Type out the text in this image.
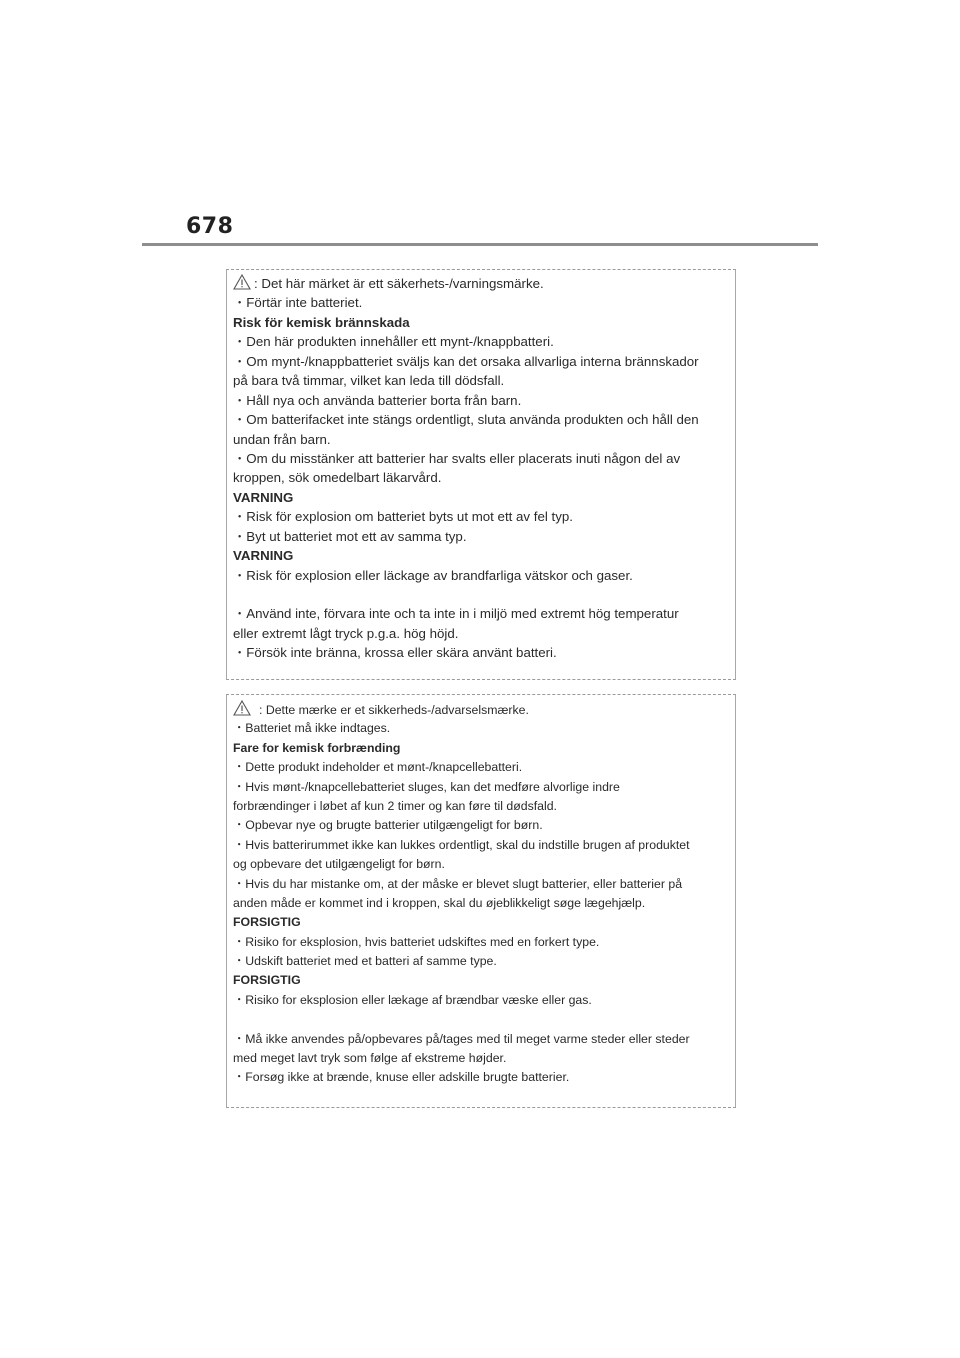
678
: Det här märket är ett säkerhets-/varningsmärke.
・Förtär inte batteriet.
Risk för kemisk brännskada
・Den här produkten innehåller ett mynt-/knappbatteri.
・Om mynt-/knappbatteriet sväljs kan det orsaka allvarliga interna brännskador
på bara två timmar, vilket kan leda till dödsfall.
・Håll nya och använda batterier borta från barn.
・Om batterifacket inte stängs ordentligt, sluta använda produkten och håll den
undan från barn.
・Om du misstänker att batterier har svalts eller placerats inuti någon del av
kroppen, sök omedelbart läkarvård.
VARNING
・Risk för explosion om batteriet byts ut mot ett av fel typ.
・Byt ut batteriet mot ett av samma typ.
VARNING
・Risk för explosion eller läckage av brandfarliga vätskor och gaser.
・Använd inte, förvara inte och ta inte in i miljö med extremt hög temperatur
eller extremt lågt tryck p.g.a. hög höjd.
・Försök inte bränna, krossa eller skära använt batteri.
: Dette mærke er et sikkerheds-/advarselsmærke.
・Batteriet må ikke indtages.
Fare for kemisk forbrænding
・Dette produkt indeholder et mønt-/knapcellebatteri.
・Hvis mønt-/knapcellebatteriet sluges, kan det medføre alvorlige indre
forbrændinger i løbet af kun 2 timer og kan føre til dødsfald.
・Opbevar nye og brugte batterier utilgængeligt for børn.
・Hvis batterirummet ikke kan lukkes ordentligt, skal du indstille brugen af produktet
og opbevare det utilgængeligt for børn.
・Hvis du har mistanke om, at der måske er blevet slugt batterier, eller batterier på
anden måde er kommet ind i kroppen, skal du øjeblikkeligt søge lægehjælp.
FORSIGTIG
・Risiko for eksplosion, hvis batteriet udskiftes med en forkert type.
・Udskift batteriet med et batteri af samme type.
FORSIGTIG
・Risiko for eksplosion eller lækage af brændbar væske eller gas.
・Må ikke anvendes på/opbevares på/tages med til meget varme steder eller steder
med meget lavt tryk som følge af ekstreme højder.
・Forsøg ikke at brænde, knuse eller adskille brugte batterier.
